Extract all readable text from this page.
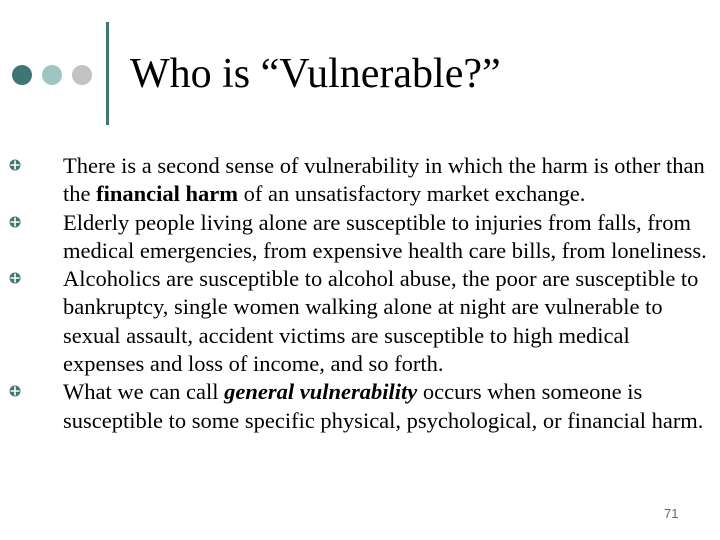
Who is “Vulnerable?”
There is a second sense of vulnerability in which the harm is other than the financial harm of an unsatisfactory market exchange.
Elderly people living alone are susceptible to injuries from falls, from medical emergencies, from expensive health care bills, from loneliness.
Alcoholics are susceptible to alcohol abuse, the poor are susceptible to bankruptcy, single women walking alone at night are vulnerable to sexual assault, accident victims are susceptible to high medical expenses and loss of income, and so forth.
What we can call general vulnerability occurs when someone is susceptible to some specific physical, psychological, or financial harm.
71
